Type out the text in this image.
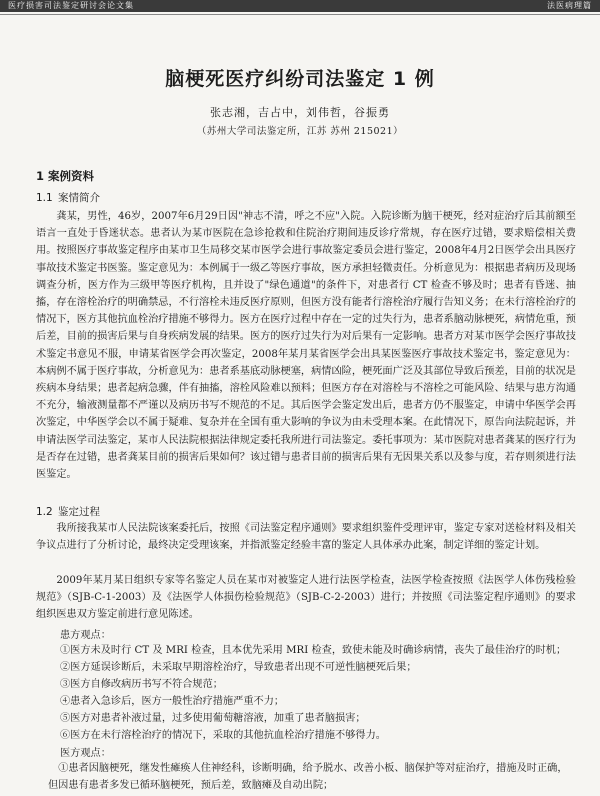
医疗损害司法鉴定研讨会论文集	法医病理篇
脑梗死医疗纠纷司法鉴定 1 例
张志湘，吉占中，刘伟哲，谷振勇
（苏州大学司法鉴定所，江苏 苏州 215021）
1 案例资料
1.1 案情简介
龚某，男性，46岁，2007年6月29日因"神志不清，呼之不应"入院。入院诊断为脑干梗死，经对症治疗后其前额至语言一直处于昏迷状态。患者认为某市医院在急诊抢救和住院治疗期间违反诊疗常规，存在医疗过错，要求赔偿相关费用。按照医疗事故鉴定程序由某市卫生局移交某市医学会进行事故鉴定委员会进行鉴定，2008年4月2日医学会出具医疗事故技术鉴定书医鉴。鉴定意见为：本例属于一级乙等医疗事故，医方承担轻微责任。分析意见为：根据患者病历及现场调查分析，医方作为三级甲等医疗机构，且并设了"绿色通道"的条件下，对患者行 CT 检查不够及时；患者有昏迷、抽搐，存在溶栓治疗的明确禁忌，不行溶栓未违反医疗原则，但医方没有能者行溶栓治疗履行告知义务；在未行溶栓治疗的情况下，医方其他抗血栓治疗措施不够得力。医方在医疗过程中存在一定的过失行为，患者系脑动脉梗死，病情危重，预后差，目前的损害后果与自身疾病发展的结果。医方的医疗过失行为对后果有一定影响。患者方对某市医学会医疗事故技术鉴定书意见不服，申请某省医学会再次鉴定，2008年某月某省医学会出具某医鉴医疗事故技术鉴定书，鉴定意见为：本病例不属于医疗事故，分析意见为：患者系基底动脉梗塞，病情凶险，梗死面广泛及其部位导致后预差，目前的状况是疾病本身结果；患者起病急骤，伴有抽搐，溶栓风险难以预料；但医方存在对溶栓与不溶栓之可能风险、结果与患方沟通不充分，输液测量都不严谨以及病历书写不规范的不足。其后医学会鉴定发出后，患者方仍不服鉴定，申请中华医学会再次鉴定，中华医学会以不属于疑难、复杂并在全国有重大影响的争议为由未受理本案。在此情况下，原告向法院起诉，并申请法医学司法鉴定，某市人民法院根据法律规定委托我所进行司法鉴定。委托事项为：某市医院对患者龚某的医疗行为是否存在过错，患者龚某目前的损害后果如何？该过错与患者目前的损害后果有无因果关系以及参与度，若存则须进行法医鉴定。
1.2 鉴定过程
我所接我某市人民法院该案委托后，按照《司法鉴定程序通则》要求组织鉴件受理评审，鉴定专家对送检材料及相关争议点进行了分析讨论，最终决定受理该案，并指派鉴定经验丰富的鉴定人具体承办此案，制定详细的鉴定计划。
2009年某月某日组织专家等名鉴定人员在某市对被鉴定人进行法医学检查，法医学检查按照《法医学人体伤残检验规范》（SJB-C-1-2003）及《法医学人体损伤检验规范》（SJB-C-2-2003）进行；并按照《司法鉴定程序通则》的要求组织医患双方鉴定前进行意见陈述。
患方观点：
①医方未及时行 CT 及 MRI 检查，且本优先采用 MRI 检查，致使未能及时确诊病情，丧失了最佳治疗的时机；
②医方延误诊断后，未采取早期溶栓治疗，导致患者出现不可逆性脑梗死后果；
③医方自修改病历书写不符合规范；
④患者入急诊后，医方一般性治疗措施严重不力；
⑤医方对患者补液过量，过多使用葡萄糖溶液，加重了患者脑损害；
⑥医方在未行溶栓治疗的情况下，采取的其他抗血栓治疗措施不够得力。
医方观点：
①患者因脑梗死，继发性瘫痪人住神经科，诊断明确，给予脱水、改善小板、脑保护等对症治疗，措施及时正确，但因患有患者多发已循环脑梗死，预后差，致脑瘫及自动出院；
